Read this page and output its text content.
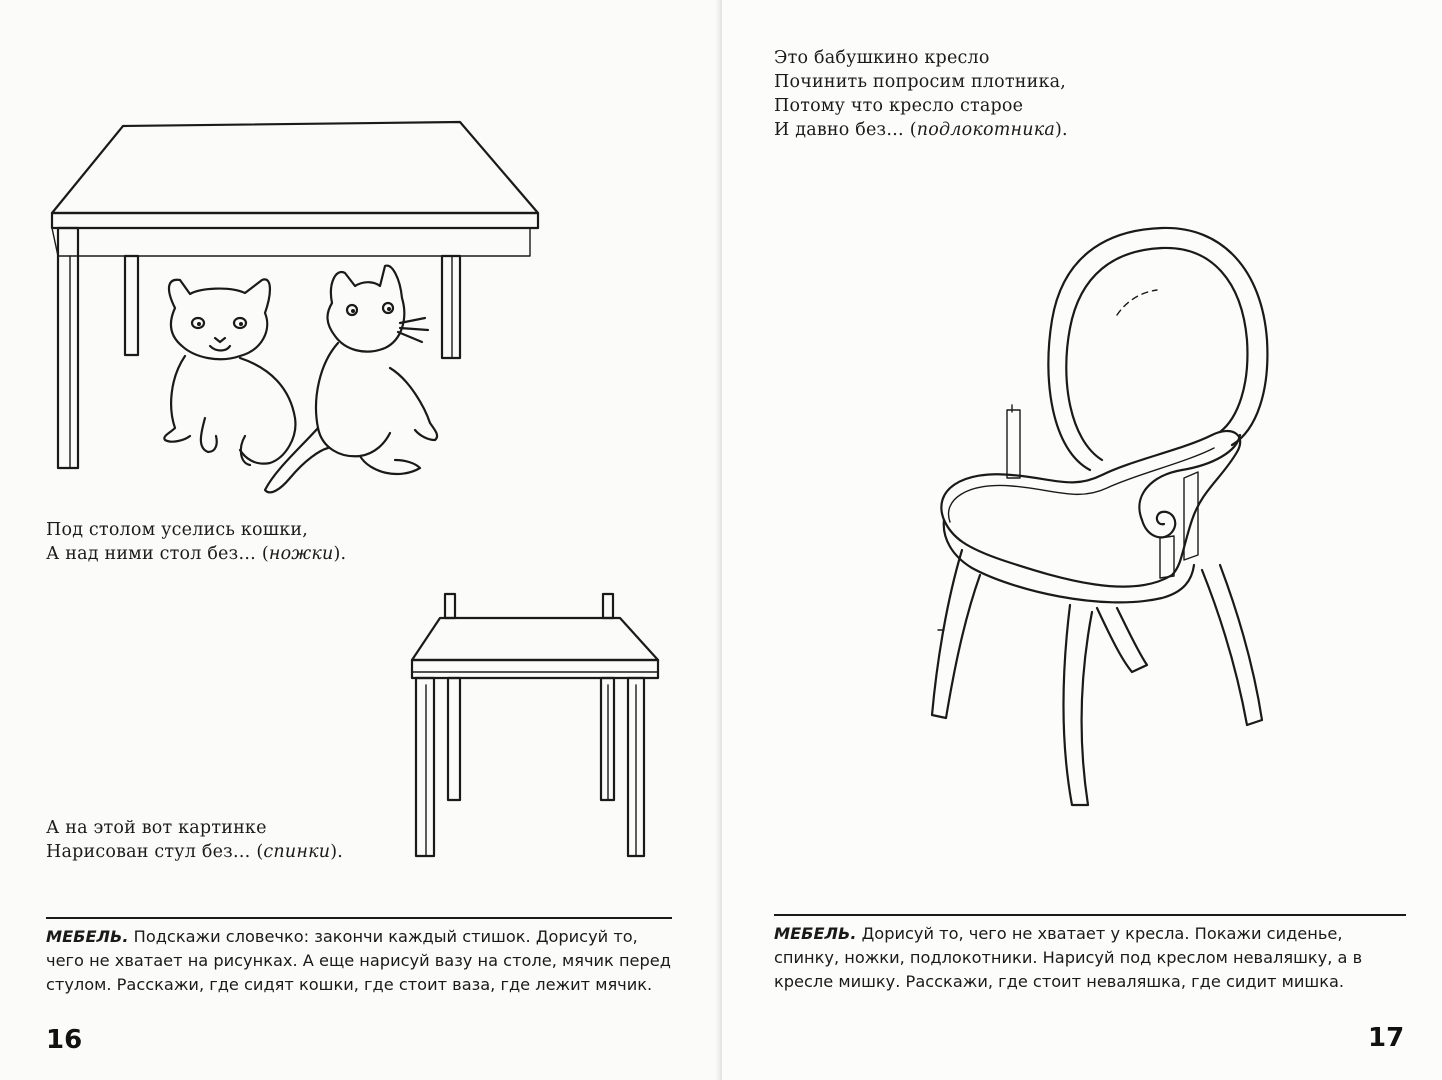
Под столом уселись кошки,
А над ними стол без… (ножки).
А на этой вот картинке
Нарисован стул без… (спинки).
МЕБЕЛЬ. Подскажи словечко: закончи каждый стишок. Дорисуй то,
чего не хватает на рисунках. А еще нарисуй вазу на столе, мячик перед
стулом. Расскажи, где сидят кошки, где стоит ваза, где лежит мячик.
16
Это бабушкино кресло
Починить попросим плотника,
Потому что кресло старое
И давно без… (подлокотника).
МЕБЕЛЬ. Дорисуй то, чего не хватает у кресла. Покажи сиденье,
спинку, ножки, подлокотники. Нарисуй под креслом неваляшку, а в
кресле мишку. Расскажи, где стоит неваляшка, где сидит мишка.
17
